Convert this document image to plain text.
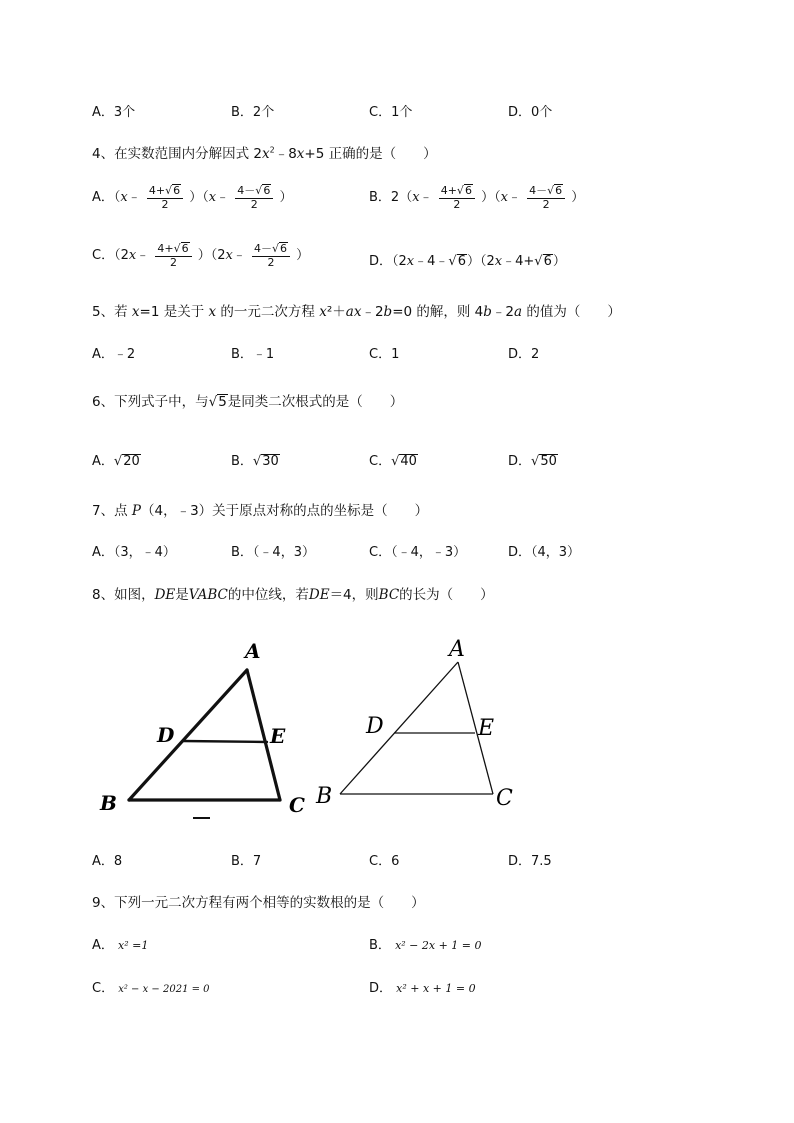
A．3个	B．2个	C．1个	D．0个
4、在实数范围内分解因式 $2x^2﹣8x+5$ 正确的是（　　）
A．（x﹣ $\frac{4+√6}{2}$ ）（x﹣ $\frac{4-√6}{2}$ ）	B．2（x﹣ $\frac{4+√6}{2}$ ）（x﹣ $\frac{4-√6}{2}$ ）
C．（2x﹣ $\frac{4+√6}{2}$ ）（2x﹣ $\frac{4-√6}{2}$ ）	D．（2x﹣4﹣√6）（2x﹣4+√6）
5、若 x=1 是关于 x 的一元二次方程 x²＋ax﹣2b=0 的解，则 4b﹣2a 的值为（　　）
A．﹣2	B．﹣1	C．1	D．2
6、下列式子中，与√5是同类二次根式的是（　　）
A．√20	B．√30	C．√40	D．√50
7、点 P（4，﹣3）关于原点对称的点的坐标是（　　）
A．（3，﹣4）	B．（﹣4，3）	C．（﹣4，﹣3）	D．（4，3）
8、如图，DE是VABC的中位线，若DE＝4，则BC的长为（　　）
A
D	E
B	C
A
D	E
B	C
A．8	B．7	C．6	D．7.5
9、下列一元二次方程有两个相等的实数根的是（　　）
A． x² =1	B． x² − 2x + 1 = 0
C． x² − x − 2021 = 0	D． x² + x + 1 = 0
